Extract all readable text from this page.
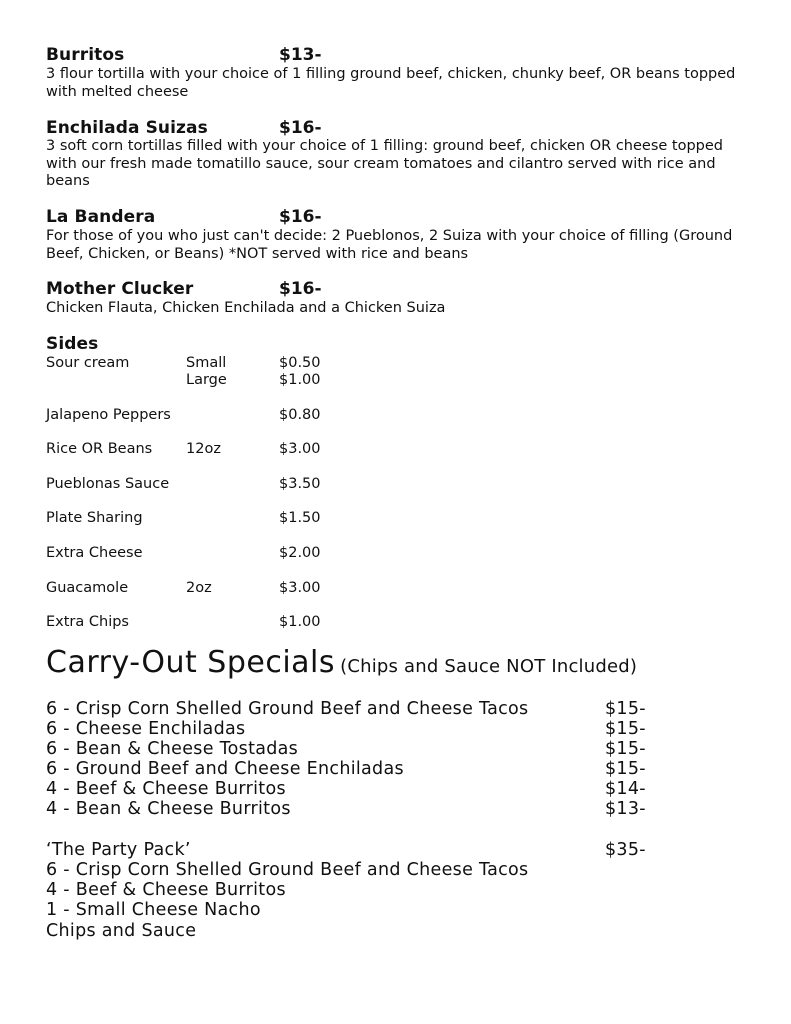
Burritos	$13-
3 flour tortilla with your choice of 1 filling ground beef, chicken, chunky beef, OR beans topped with melted cheese
Enchilada Suizas	$16-
3 soft corn tortillas filled with your choice of 1 filling: ground beef, chicken OR cheese topped with our fresh made tomatillo sauce, sour cream tomatoes and cilantro served with rice and beans
La Bandera	$16-
For those of you who just can't decide: 2 Pueblonos, 2 Suiza with your choice of filling (Ground Beef, Chicken, or Beans) *NOT served with rice and beans
Mother Clucker	$16-
Chicken Flauta, Chicken Enchilada and a Chicken Suiza
Sides
Sour cream	Small	$0.50
Large	$1.00
Jalapeno Peppers	$0.80
Rice OR Beans 12oz	$3.00
Pueblonas Sauce	$3.50
Plate Sharing	$1.50
Extra Cheese	$2.00
Guacamole	2oz	$3.00
Extra Chips	$1.00
Carry-Out Specials (Chips and Sauce NOT Included)
6 - Crisp Corn Shelled Ground Beef and Cheese Tacos	$15-
6 - Cheese Enchiladas	$15-
6 - Bean & Cheese Tostadas	$15-
6 - Ground Beef and Cheese Enchiladas	$15-
4 - Beef & Cheese Burritos	$14-
4 - Bean & Cheese Burritos	$13-
‘The Party Pack’	$35-
6 - Crisp Corn Shelled Ground Beef and Cheese Tacos
4 - Beef & Cheese Burritos
1 - Small Cheese Nacho
Chips and Sauce
